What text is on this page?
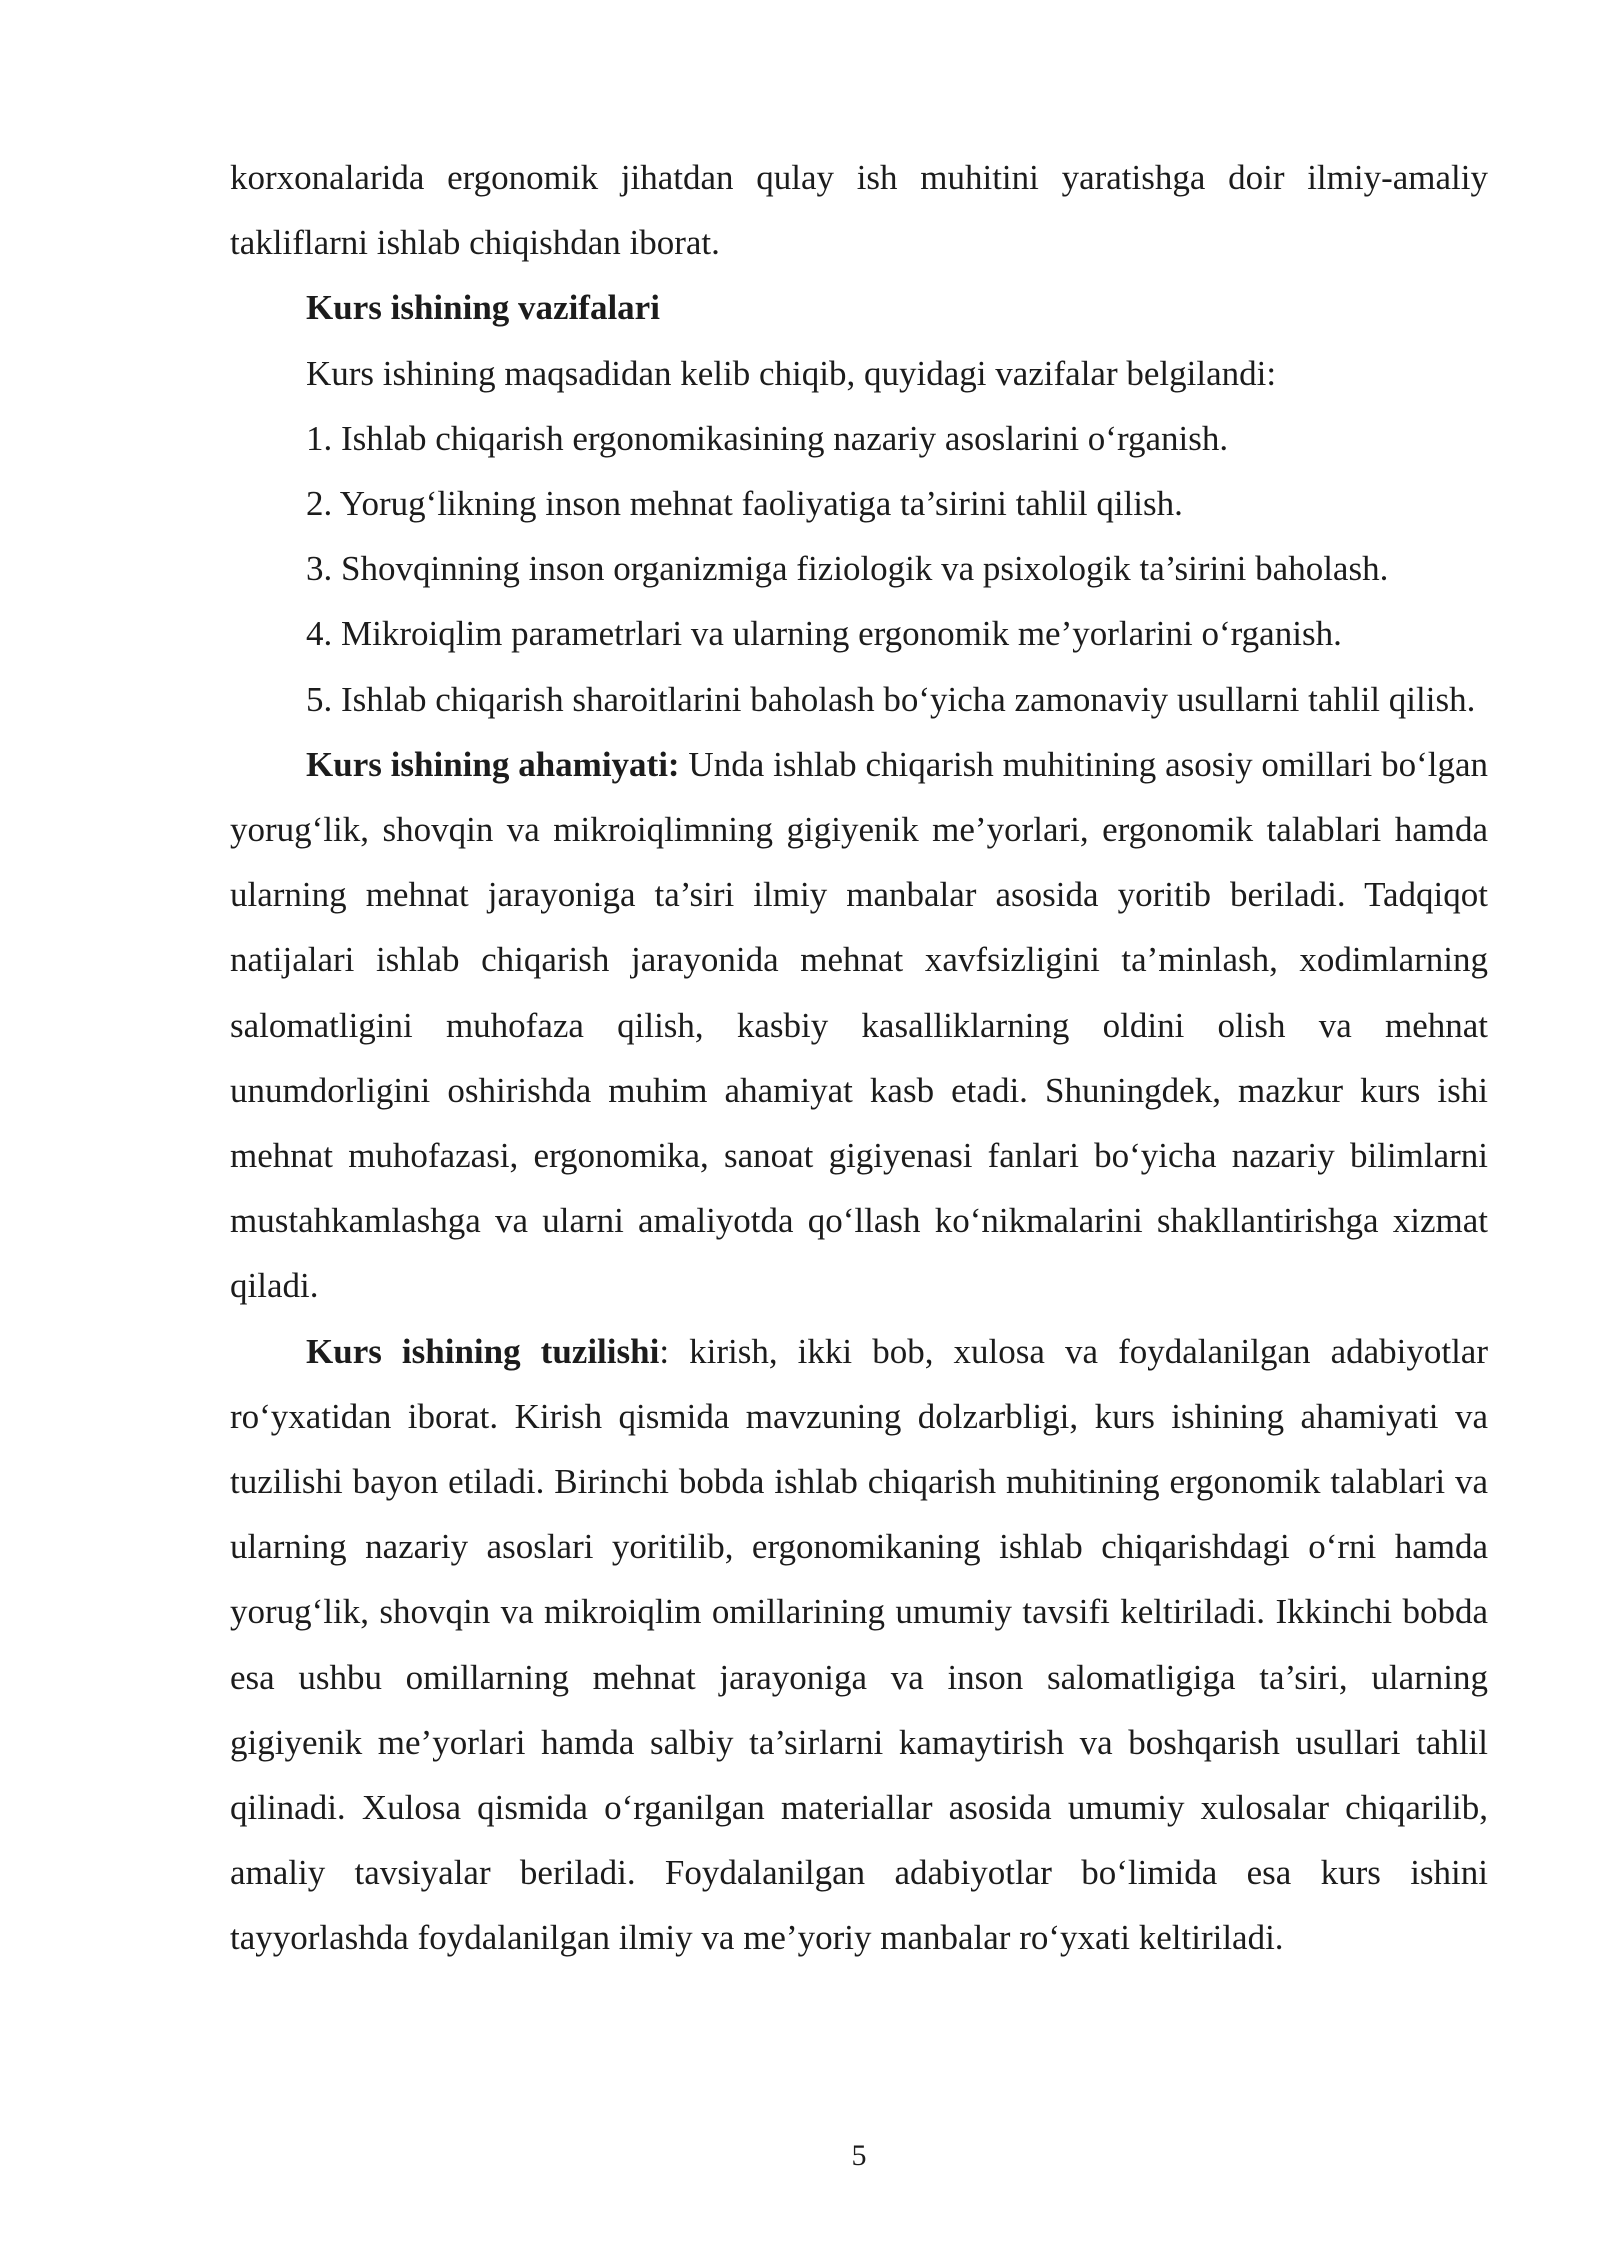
korxonalarida ergonomik jihatdan qulay ish muhitini yaratishga doir ilmiy-amaliy takliflarni ishlab chiqishdan iborat.

Kurs ishining vazifalari

Kurs ishining maqsadidan kelib chiqib, quyidagi vazifalar belgilandi:

1. Ishlab chiqarish ergonomikasining nazariy asoslarini o‘rganish.

2. Yorug‘likning inson mehnat faoliyatiga ta’sirini tahlil qilish.

3. Shovqinning inson organizmiga fiziologik va psixologik ta’sirini baholash.

4. Mikroiqlim parametrlari va ularning ergonomik me’yorlarini o‘rganish.

5. Ishlab chiqarish sharoitlarini baholash bo‘yicha zamonaviy usullarni tahlil qilish.

Kurs ishining ahamiyati: Unda ishlab chiqarish muhitining asosiy omillari bo‘lgan yorug‘lik, shovqin va mikroiqlimning gigiyenik me’yorlari, ergonomik talablari hamda ularning mehnat jarayoniga ta’siri ilmiy manbalar asosida yoritib beriladi. Tadqiqot natijalari ishlab chiqarish jarayonida mehnat xavfsizligini ta’minlash, xodimlarning salomatligini muhofaza qilish, kasbiy kasalliklarning oldini olish va mehnat unumdorligini oshirishda muhim ahamiyat kasb etadi. Shuningdek, mazkur kurs ishi mehnat muhofazasi, ergonomika, sanoat gigiyenasi fanlari bo‘yicha nazariy bilimlarni mustahkamlashga va ularni amaliyotda qo‘llash ko‘nikmalarini shakllantirishga xizmat qiladi.

Kurs ishining tuzilishi: kirish, ikki bob, xulosa va foydalanilgan adabiyotlar ro‘yxatidan iborat. Kirish qismida mavzuning dolzarbligi, kurs ishining ahamiyati va tuzilishi bayon etiladi. Birinchi bobda ishlab chiqarish muhitining ergonomik talablari va ularning nazariy asoslari yoritilib, ergonomikaning ishlab chiqarishdagi o‘rni hamda yorug‘lik, shovqin va mikroiqlim omillarining umumiy tavsifi keltiriladi. Ikkinchi bobda esa ushbu omillarning mehnat jarayoniga va inson salomatligiga ta’siri, ularning gigiyenik me’yorlari hamda salbiy ta’sirlarni kamaytirish va boshqarish usullari tahlil qilinadi. Xulosa qismida o‘rganilgan materiallar asosida umumiy xulosalar chiqarilib, amaliy tavsiyalar beriladi. Foydalanilgan adabiyotlar bo‘limida esa kurs ishini tayyorlashda foydalanilgan ilmiy va me’yoriy manbalar ro‘yxati keltiriladi.

5
